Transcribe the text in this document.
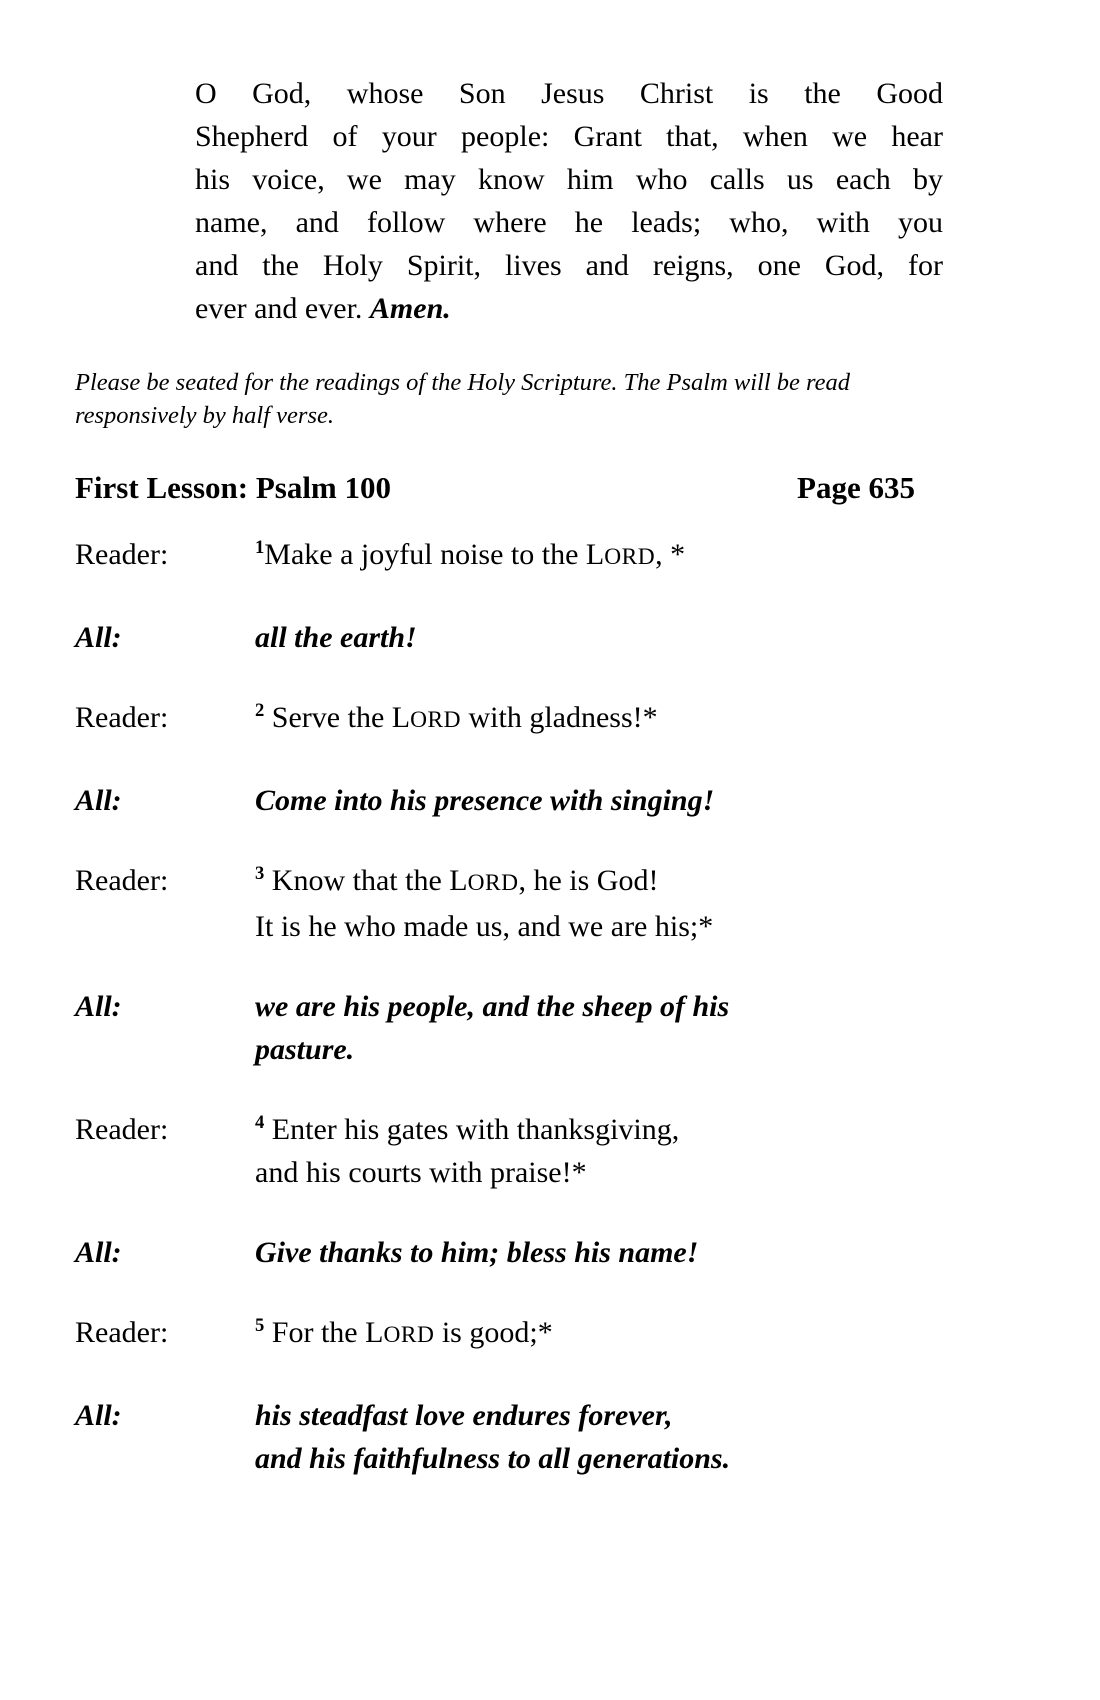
O God, whose Son Jesus Christ is the Good
Shepherd of your people: Grant that, when we hear
his voice, we may know him who calls us each by
name, and follow where he leads; who, with you
and the Holy Spirit, lives and reigns, one God, for
ever and ever. Amen.
Please be seated for the readings of the Holy Scripture. The Psalm will be read
responsively by half verse.
First Lesson: Psalm 100	Page 635
Reader:	$^1$Make a joyful noise to the LORD, *
All:	all the earth!
Reader:	$^2$ Serve the LORD with gladness!*
All:	Come into his presence with singing!
Reader:	$^3$ Know that the LORD, he is God!
It is he who made us, and we are his;*
All:	we are his people, and the sheep of his
pasture.
Reader:	$^4$ Enter his gates with thanksgiving,
and his courts with praise!*
All:	Give thanks to him; bless his name!
Reader:	$^5$ For the LORD is good;*
All:	his steadfast love endures forever,
and his faithfulness to all generations.
